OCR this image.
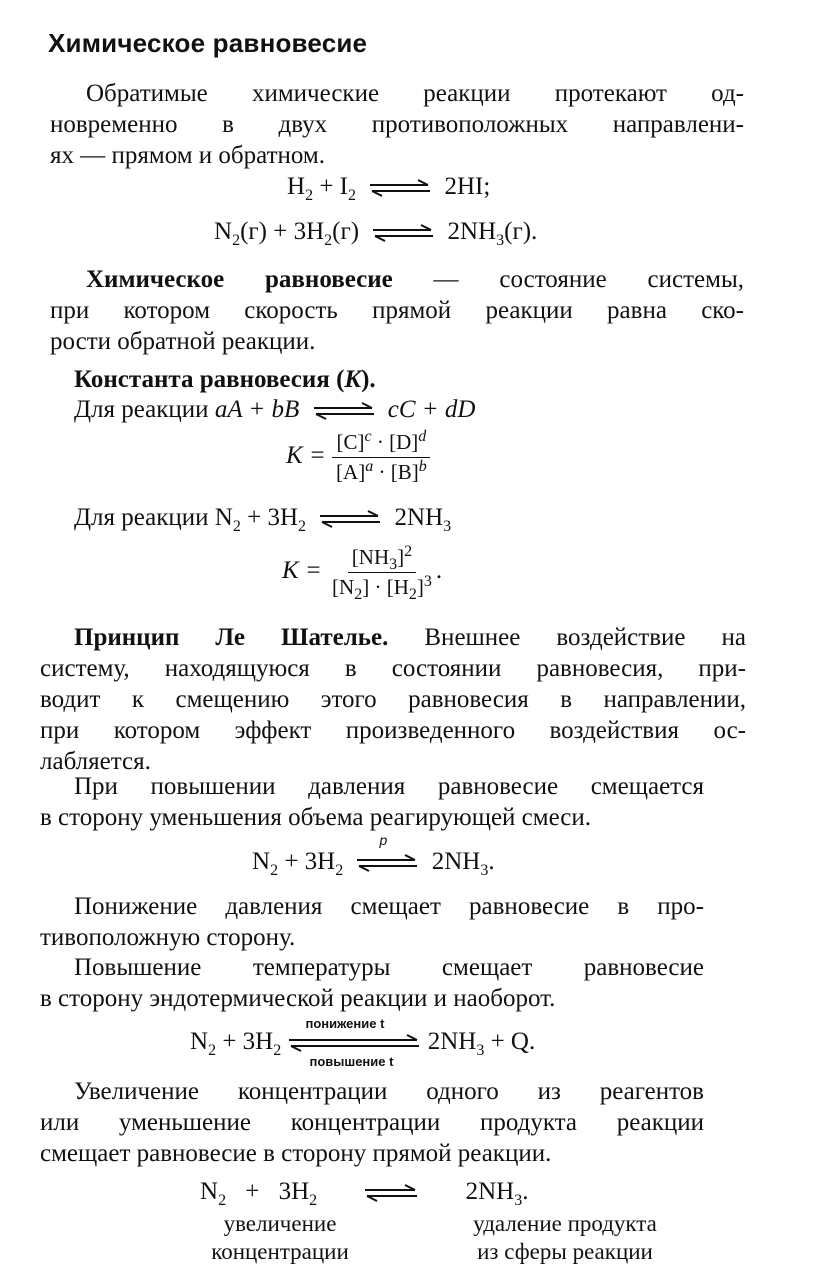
Химическое равновесие
Обратимые химические реакции протекают од-
новременно в двух противоположных направлени-
ях — прямом и обратном.
$H_2 + I_2$ ⇌ 2HI;
$N_2(г) + 3H_2(г)$ ⇌ $2NH_3(г)$.
Химическое равновесие — состояние системы,
при котором скорость прямой реакции равна ско-
рости обратной реакции.
Константа равновесия (K).
Для реакции aA + bB ⇌ cC + dD
$K = \frac{[C]^c \cdot [D]^d}{[A]^a \cdot [B]^b}$
Для реакции $N_2 + 3H_2$ ⇌ $2NH_3$
$K = \frac{[NH_3]^2}{[N_2] \cdot [H_2]^3}$ .
Принцип Ле Шателье. Внешнее воздействие на
систему, находящуюся в состоянии равновесия, при-
водит к смещению этого равновесия в направлении,
при котором эффект произведенного воздействия ос-
лабляется.
При повышении давления равновесие смещается
в сторону уменьшения объема реагирующей смеси.
$N_2 + 3H_2$
p
$2NH_3$.
Понижение давления смещает равновесие в про-
тивоположную сторону.
Повышение температуры смещает равновесие
в сторону эндотермической реакции и наоборот.
$N_2 + 3H_2$
понижение t
повышение t
$2NH_3 + Q$.
Увеличение концентрации одного из реагентов
или уменьшение концентрации продукта реакции
смещает равновесие в сторону прямой реакции.
$N_2 + 3H_2$	$2NH_3$.
увеличение
концентрации
удаление продукта
из сферы реакции
